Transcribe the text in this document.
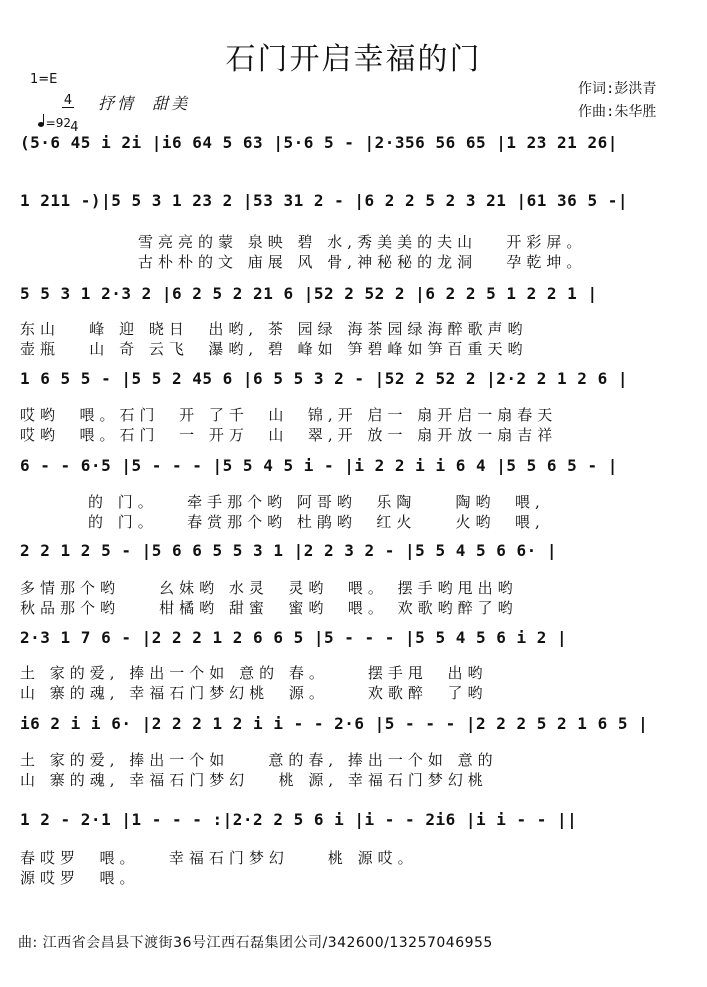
石门开启幸福的门
1=E

4

4

=92

抒情  甜美
作词:彭洪青
作曲:朱华胜
(5·6 45 i 2i |i6 64 5 63 |5·6 5 - |2·356 56 65 |1 23 21 26|
1 211 -)|5 5 3 1 23 2 |53 31 2 - |6 2 2 5 2 3 21 |61 36 5 -|
5 5 3 1 2·3 2 |6 2 5 2 21 6 |52 2 52 2 |6 2 2 5 1 2 2 1 |
1 6 5 5 - |5 5 2 45 6 |6 5 5 3 2 - |52 2 52 2 |2·2 2 1 2 6 |
6 - - 6·5 |5 - - - |5 5 4 5 i - |i 2 2 i i 6 4 |5 5 6 5 - |
2 2 1 2 5 - |5 6 6 5 5 3 1 |2 2 3 2 - |5 5 4 5 6 6· |
2·3 1 7 6 - |2 2 2 1 2 6 6 5 |5 - - - |5 5 4 5 6 i 2 |
i6 2 i i 6· |2 2 2 1 2 i i - - 2·6 |5 - - - |2 2 2 5 2 1 6 5 |
1 2 - 2·1 |1 - - - :|2·2 2 5 6 i |i - - 2i6 |i i - - ||
雪亮亮的蒙 泉映 碧 水,秀美美的夫山   开彩屏。
古朴朴的文 庙展 风 骨,神秘秘的龙洞   孕乾坤。
东山   峰 迎 晓日  出哟, 茶 园绿 海茶园绿海醉歌声哟
壶瓶   山 奇 云飞  瀑哟, 碧 峰如 笋碧峰如笋百重天哟
哎哟  喂。石门  开 了千  山  锦,开 启一 扇开启一扇春天
哎哟  喂。石门  一 开万  山  翠,开 放一 扇开放一扇吉祥
的 门。   牵手那个哟 阿哥哟  乐陶    陶哟  喂,
的 门。   春赏那个哟 杜鹃哟  红火    火哟  喂,
多情那个哟    幺妹哟 水灵  灵哟  喂。 摆手哟甩出哟
秋品那个哟    柑橘哟 甜蜜  蜜哟  喂。 欢歌哟醉了哟
土 家的爱, 捧出一个如 意的 春。    摆手甩  出哟
山 寨的魂, 幸福石门梦幻桃  源。    欢歌醉  了哟
土 家的爱, 捧出一个如    意的春, 捧出一个如 意的
山 寨的魂, 幸福石门梦幻   桃 源, 幸福石门梦幻桃
春哎罗  喂。   幸福石门梦幻    桃 源哎。
源哎罗  喂。
曲: 江西省会昌县下渡街36号江西石磊集团公司/342600/13257046955
